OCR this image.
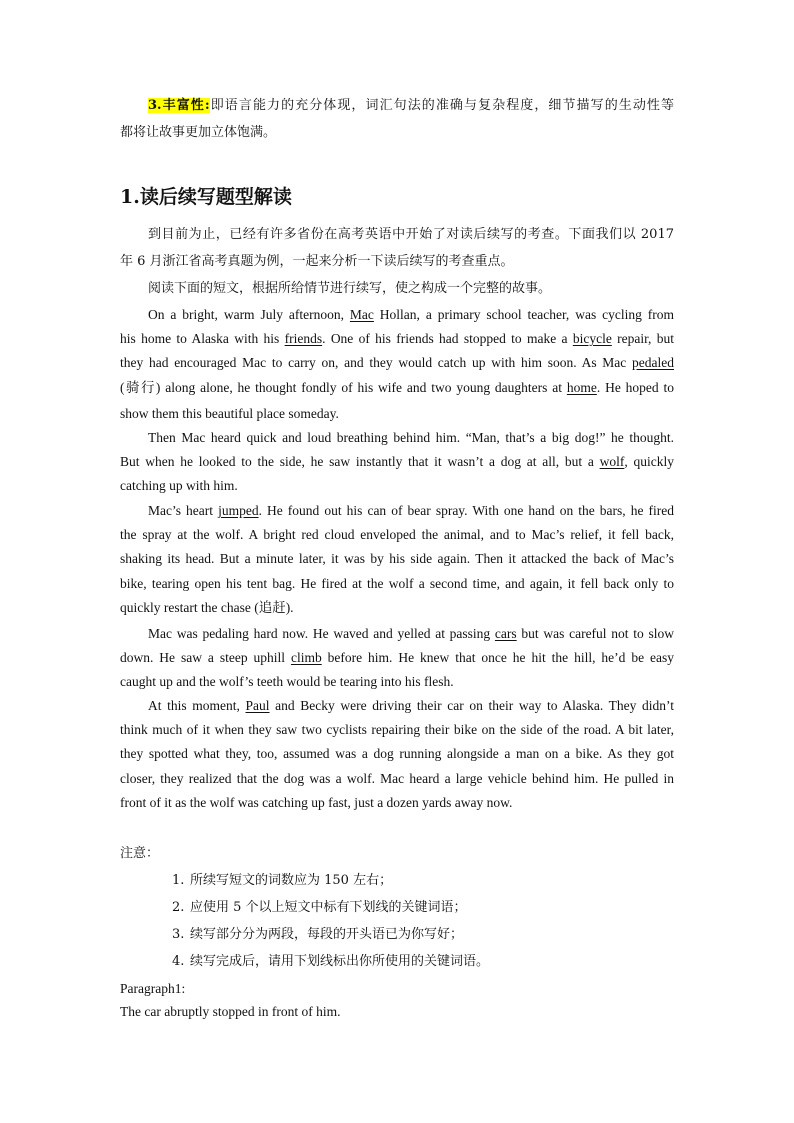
3.丰富性:即语言能力的充分体现，词汇句法的准确与复杂程度，细节描写的生动性等
都将让故事更加立体饱满。
1.读后续写题型解读
到目前为止，已经有许多省份在高考英语中开始了对读后续写的考查。下面我们以 2017
年 6 月浙江省高考真题为例，一起来分析一下读后续写的考查重点。
阅读下面的短文，根据所给情节进行续写，使之构成一个完整的故事。
On a bright, warm July afternoon, Mac Hollan, a primary school teacher, was cycling from
his home to Alaska with his friends. One of his friends had stopped to make a bicycle repair, but
they had encouraged Mac to carry on, and they would catch up with him soon. As Mac pedaled
(骑行) along alone, he thought fondly of his wife and two young daughters at home. He hoped to
show them this beautiful place someday.
Then Mac heard quick and loud breathing behind him. “Man, that’s a big dog!” he thought.
But when he looked to the side, he saw instantly that it wasn’t a dog at all, but a wolf, quickly
catching up with him.
Mac’s heart jumped. He found out his can of bear spray. With one hand on the bars, he fired
the spray at the wolf. A bright red cloud enveloped the animal, and to Mac’s relief, it fell back,
shaking its head. But a minute later, it was by his side again. Then it attacked the back of Mac’s
bike, tearing open his tent bag. He fired at the wolf a second time, and again, it fell back only to
quickly restart the chase (追赶).
Mac was pedaling hard now. He waved and yelled at passing cars but was careful not to slow
down. He saw a steep uphill climb before him. He knew that once he hit the hill, he’d be easy
caught up and the wolf’s teeth would be tearing into his flesh.
At this moment, Paul and Becky were driving their car on their way to Alaska. They didn’t
think much of it when they saw two cyclists repairing their bike on the side of the road. A bit later,
they spotted what they, too, assumed was a dog running alongside a man on a bike. As they got
closer, they realized that the dog was a wolf. Mac heard a large vehicle behind him. He pulled in
front of it as the wolf was catching up fast, just a dozen yards away now.
注意：
1. 所续写短文的词数应为 150 左右；
2. 应使用 5 个以上短文中标有下划线的关键词语；
3. 续写部分分为两段，每段的开头语已为你写好；
4. 续写完成后，请用下划线标出你所使用的关键词语。
Paragraph1:
The car abruptly stopped in front of him.
